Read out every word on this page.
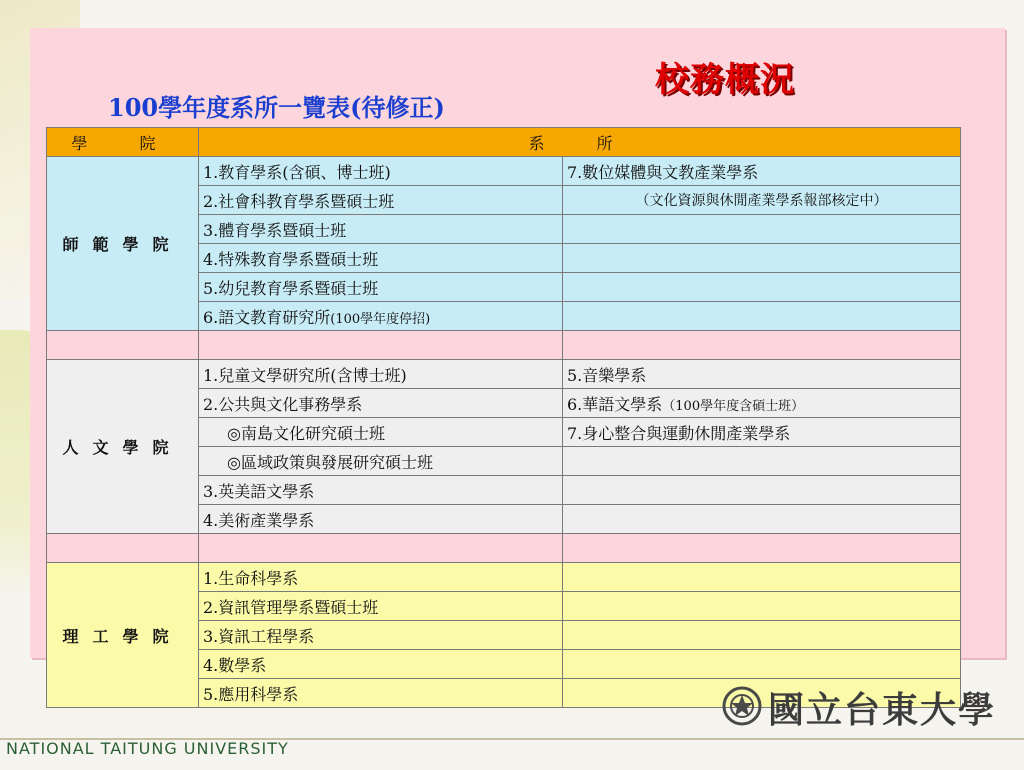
校務概況
100學年度系所一覽表(待修正)
學　院	系　所	
師範學院	1.教育學系(含碩、博士班)	7.數位媒體與文教產業學系
	2.社會科教育學系暨碩士班	（文化資源與休閒產業學系報部核定中）
	3.體育學系暨碩士班	
	4.特殊教育學系暨碩士班	
	5.幼兒教育學系暨碩士班	
	6.語文教育研究所(100學年度停招)	

人文學院	1.兒童文學研究所(含博士班)	5.音樂學系
	2.公共與文化事務學系	6.華語文學系（100學年度含碩士班）
	◎南島文化研究碩士班	7.身心整合與運動休閒產業學系
	◎區域政策與發展研究碩士班	
	3.英美語文學系	
	4.美術產業學系	

理工學院	1.生命科學系	
	2.資訊管理學系暨碩士班	
	3.資訊工程學系	
	4.數學系	
	5.應用科學系		國立台東大學
NATIONAL TAITUNG UNIVERSITY
